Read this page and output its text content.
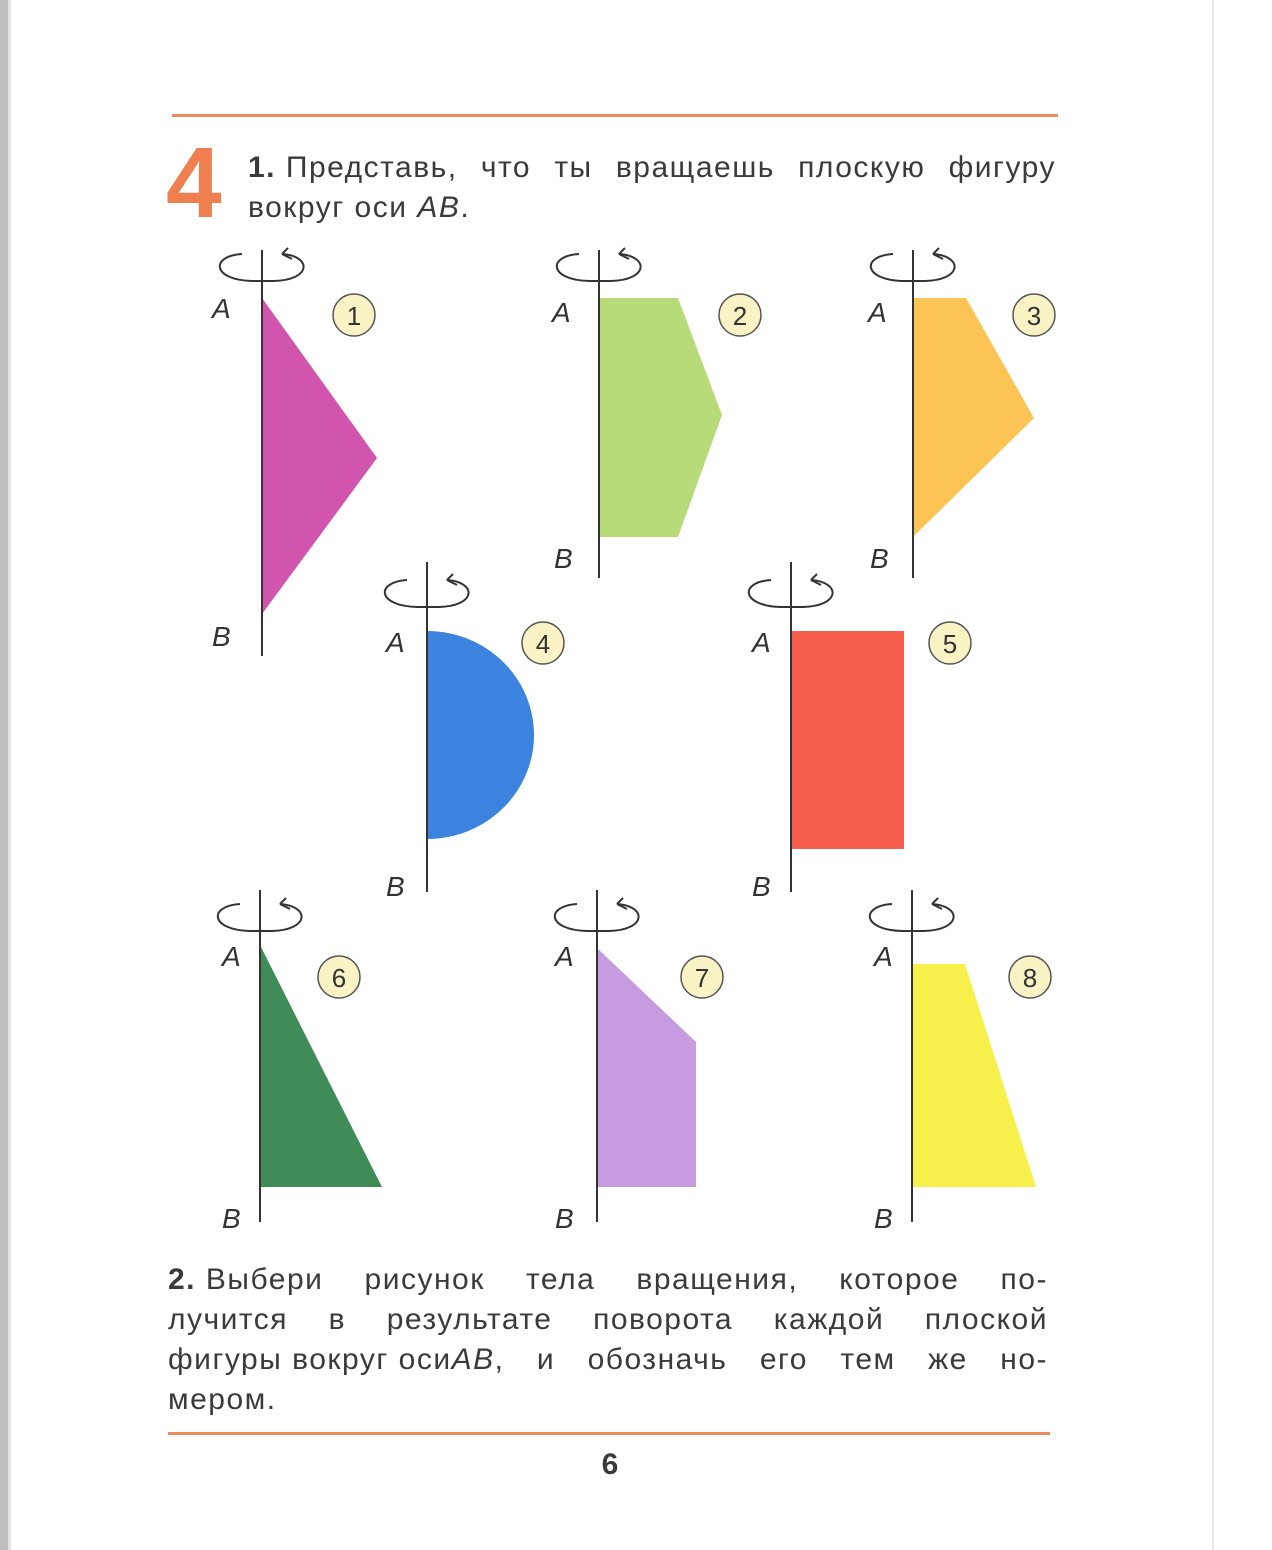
4 1. Представь, что ты вращаешь плоскую фигуру
вокруг оси AB.
A
B
1	A
B
2	A
B
3
A
B
4	A
B
5
A
B
6
A
B
7
A
B
8
2. Выбери рисунок тела вращения, которое по-
лучится в результате поворота каждой плоской
фигуры вокруг осиAB, и обозначь его тем же но-
мером.
6
